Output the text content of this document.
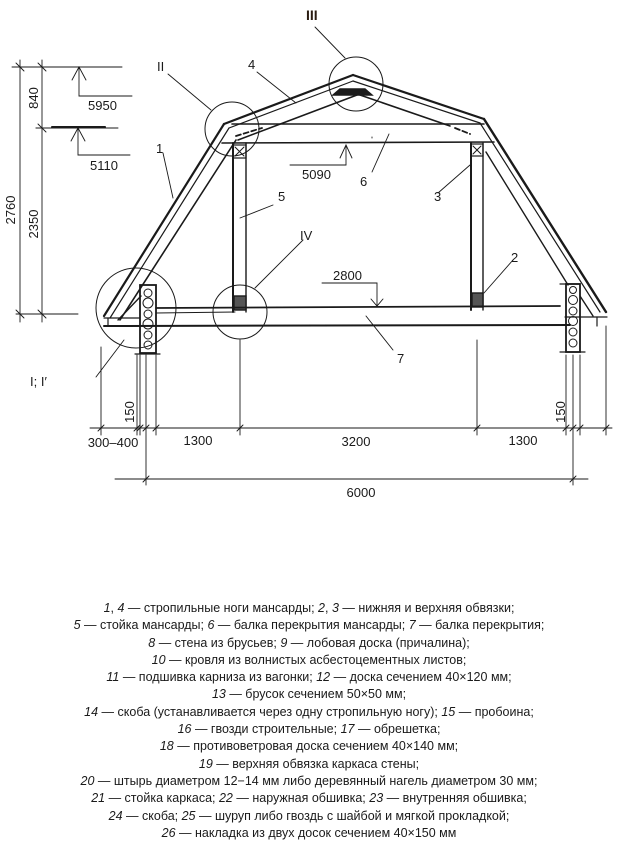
III
II
IV
I; I′
1
2
3
4
5
6
7
5950
5110
5090
2800
2760
840
2350
150	150
300–400	1300	3200	1300
6000
1, 4 — стропильные ноги мансарды; 2, 3 — нижняя и верхняя обвязки;
5 — стойка мансарды; 6 — балка перекрытия мансарды; 7 — балка перекрытия;
8 — стена из брусьев; 9 — лобовая доска (причалина);
10 — кровля из волнистых асбестоцементных листов;
11 — подшивка карниза из вагонки; 12 — доска сечением 40×120 мм;
13 — брусок сечением 50×50 мм;
14 — скоба (устанавливается через одну стропильную ногу); 15 — пробоина;
16 — гвозди строительные; 17 — обрешетка;
18 — противоветровая доска сечением 40×140 мм;
19 — верхняя обвязка каркаса стены;
20 — штырь диаметром 12−14 мм либо деревянный нагель диаметром 30 мм;
21 — стойка каркаса; 22 — наружная обшивка; 23 — внутренняя обшивка;
24 — скоба; 25 — шуруп либо гвоздь с шайбой и мягкой прокладкой;
26 — накладка из двух досок сечением 40×150 мм
